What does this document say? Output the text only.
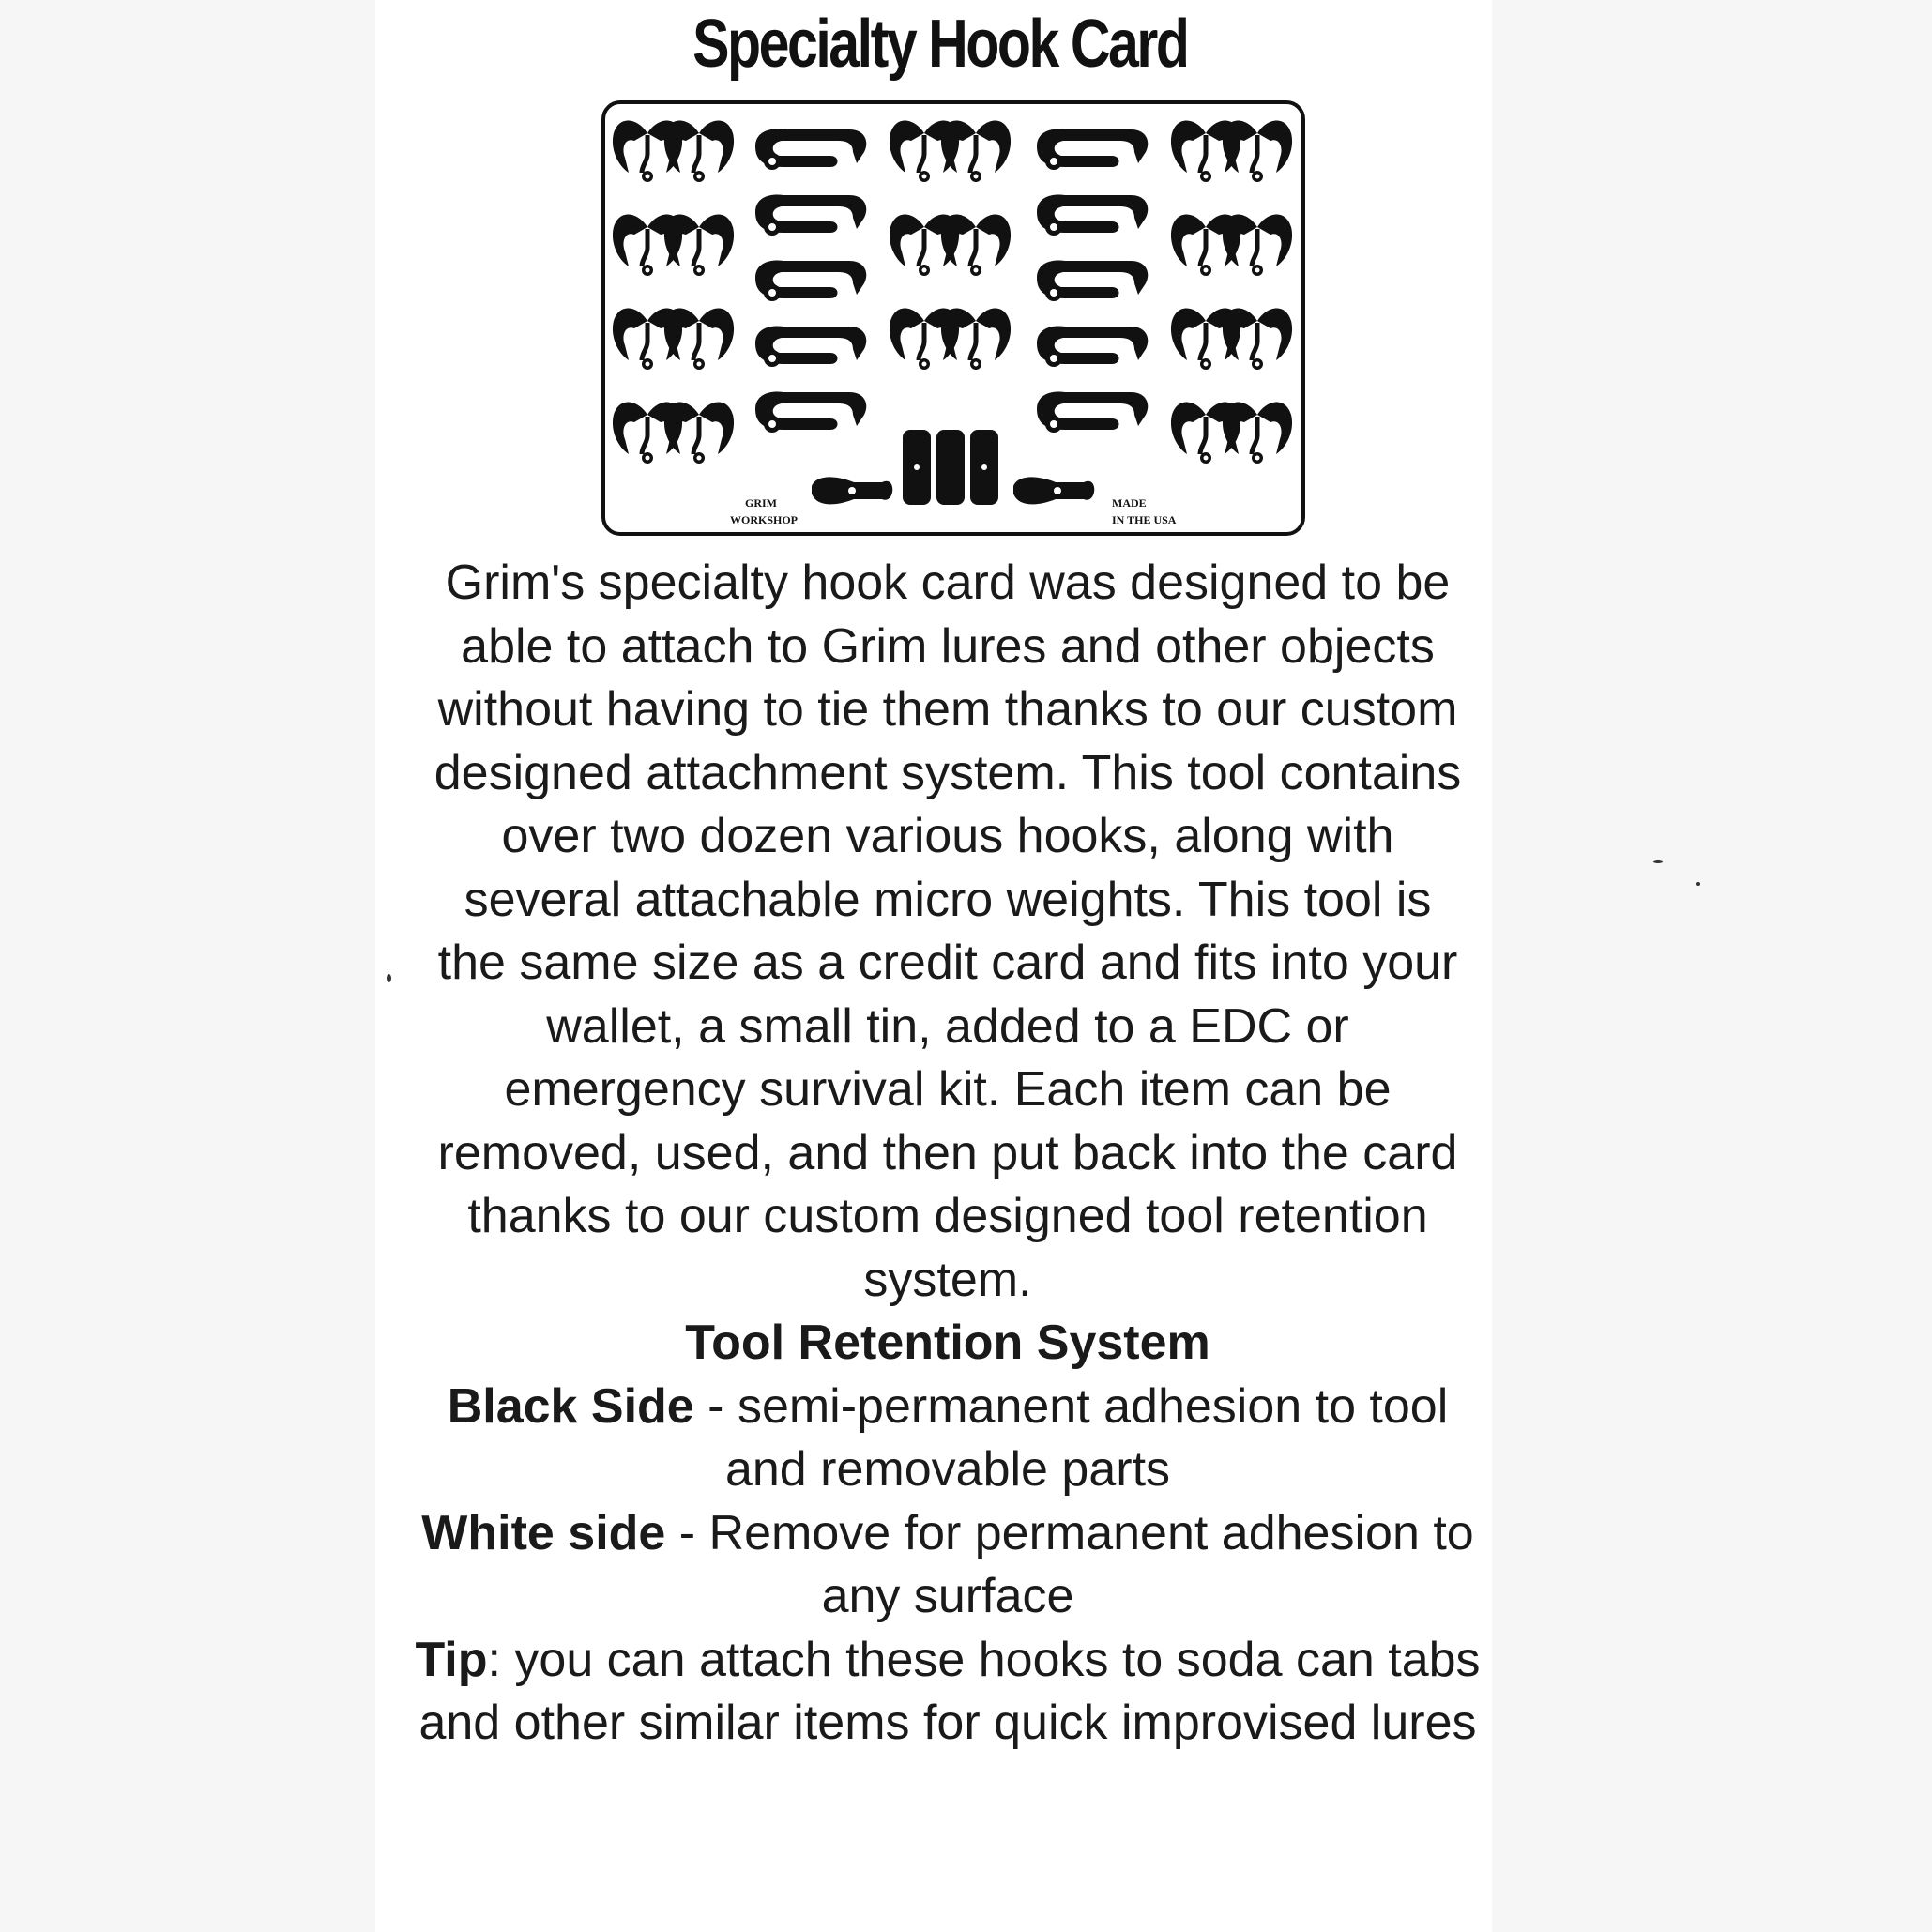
Specialty Hook Card
GRIM
WORKSHOP
MADE
IN THE USA

Grim's specialty hook card was designed to be able to attach to Grim lures and other objects without having to tie them thanks to our custom designed attachment system. This tool contains over two dozen various hooks, along with several attachable micro weights. This tool is the same size as a credit card and fits into your wallet, a small tin, added to a EDC or emergency survival kit. Each item can be removed, used, and then put back into the card thanks to our custom designed tool retention system.

Tool Retention System

Black Side - semi-permanent adhesion to tool and removable parts

White side - Remove for permanent adhesion to any surface

Tip: you can attach these hooks to soda can tabs and other similar items for quick improvised lures
